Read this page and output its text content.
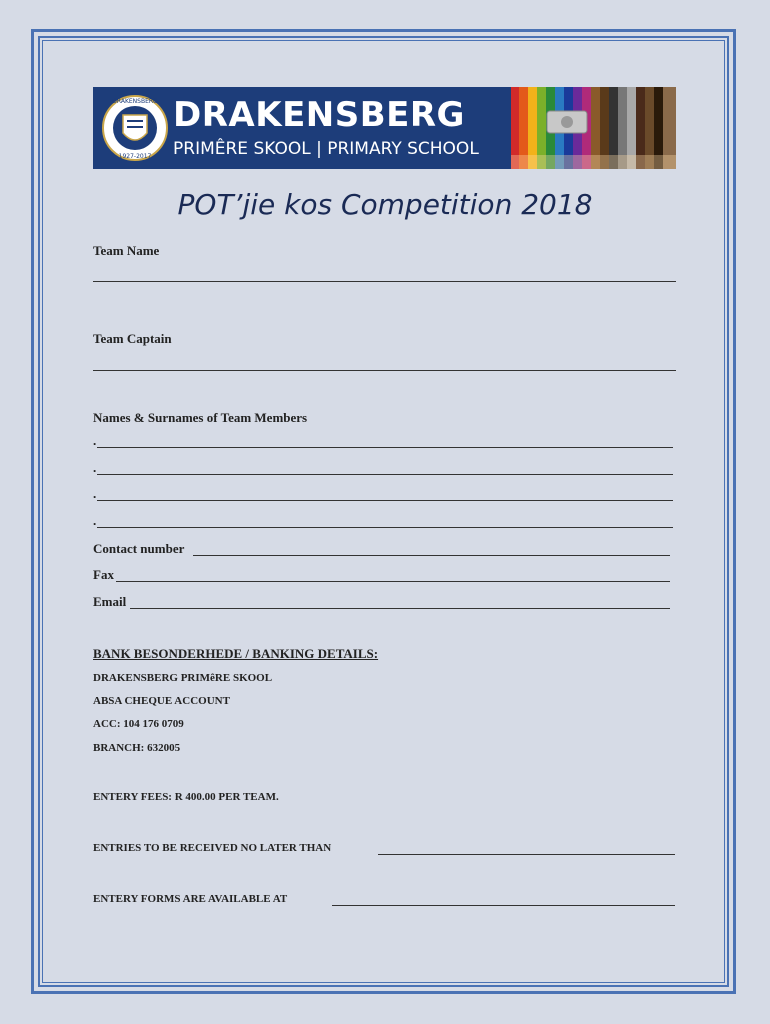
DRAKENSBERG
1927-2017
DRAKENSBERG
PRIMÊRE SKOOL | PRIMARY SCHOOL
POT’jie kos Competition 2018
Team Name
Team Captain
Names & Surnames of Team Members
.
.
.
.
Contact number
Fax
Email
BANK BESONDERHEDE / BANKING DETAILS:
DRAKENSBERG PRIMêRE SKOOL
ABSA CHEQUE ACCOUNT
ACC: 104 176 0709
BRANCH: 632005
ENTERY FEES: R 400.00 PER TEAM.
ENTRIES TO BE RECEIVED NO LATER THAN
ENTERY FORMS ARE AVAILABLE AT
